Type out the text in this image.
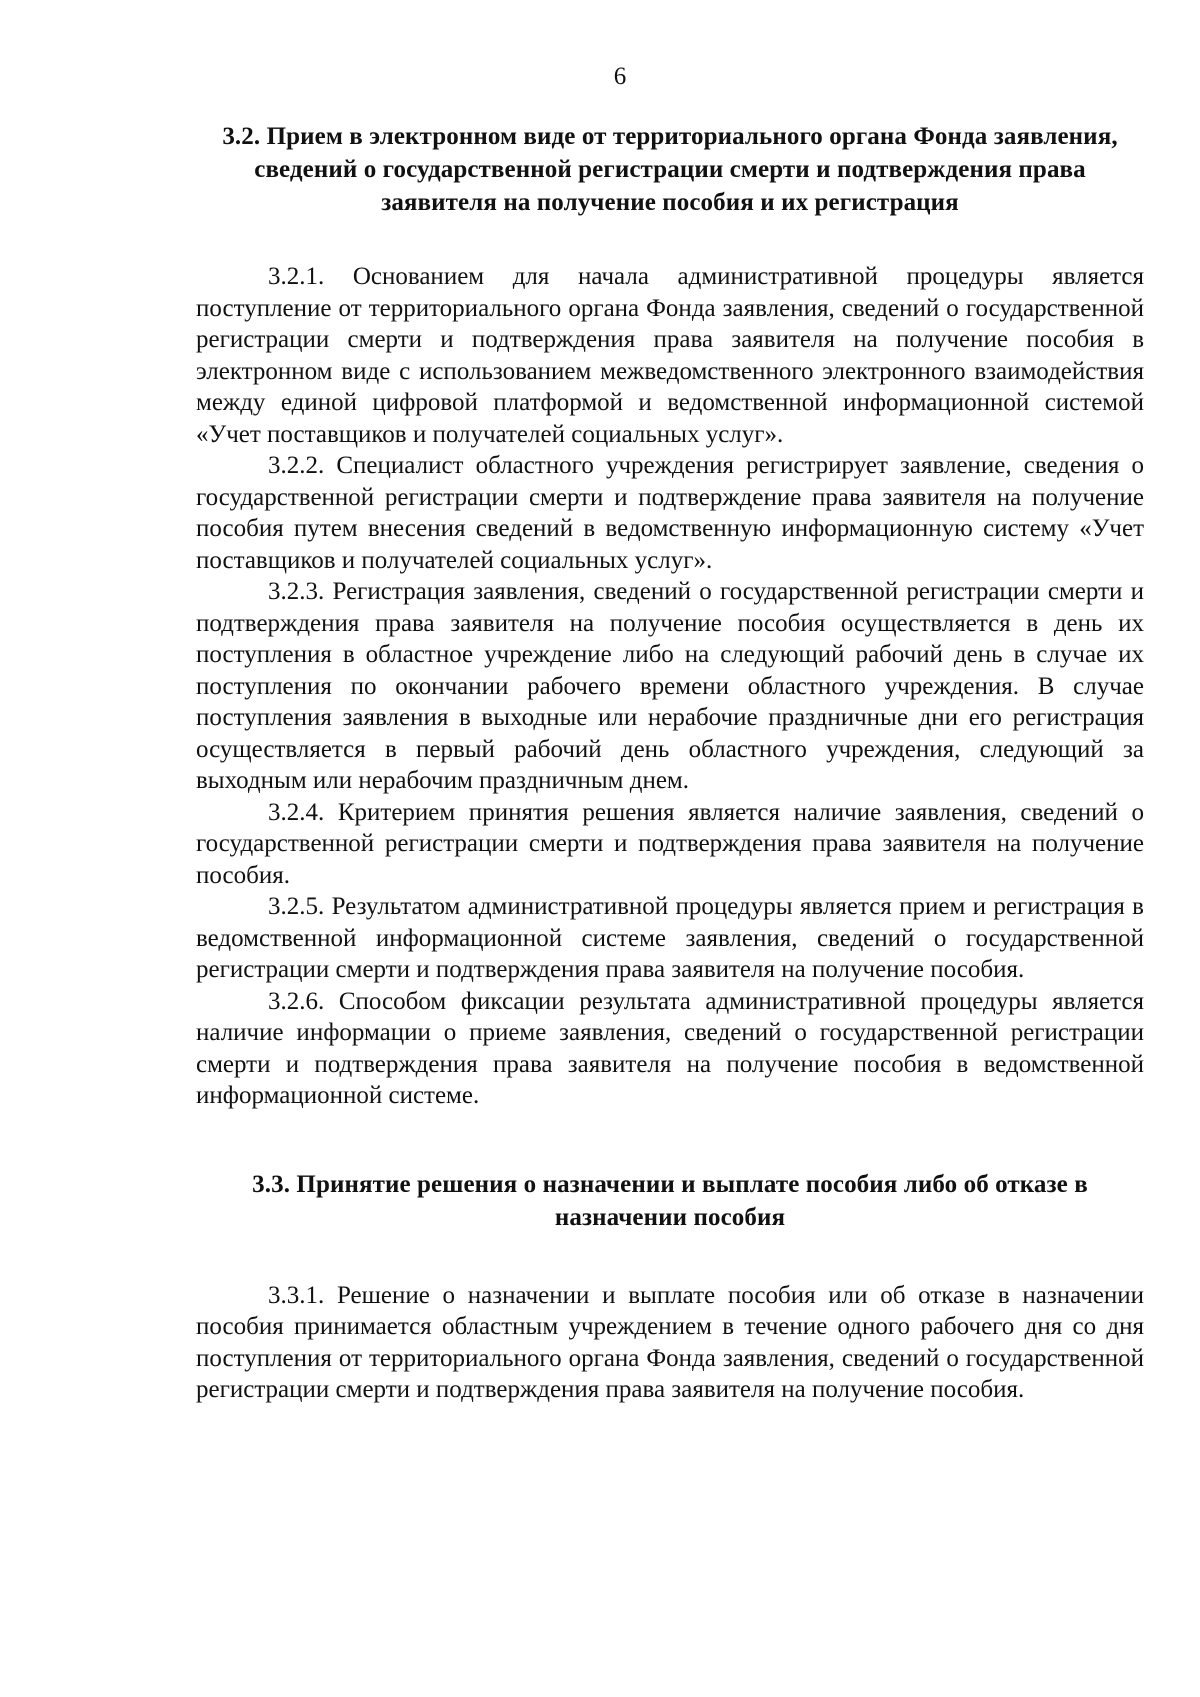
6
3.2. Прием в электронном виде от территориального органа Фонда заявления, сведений о государственной регистрации смерти и подтверждения права заявителя на получение пособия и их регистрация

3.2.1. Основанием для начала административной процедуры является поступление от территориального органа Фонда заявления, сведений о государственной регистрации смерти и подтверждения права заявителя на получение пособия в электронном виде с использованием межведомственного электронного взаимодействия между единой цифровой платформой и ведомственной информационной системой «Учет поставщиков и получателей социальных услуг».

3.2.2. Специалист областного учреждения регистрирует заявление, сведения о государственной регистрации смерти и подтверждение права заявителя на получение пособия путем внесения сведений в ведомственную информационную систему «Учет поставщиков и получателей социальных услуг».

3.2.3. Регистрация заявления, сведений о государственной регистрации смерти и подтверждения права заявителя на получение пособия осуществляется в день их поступления в областное учреждение либо на следующий рабочий день в случае их поступления по окончании рабочего времени областного учреждения. В случае поступления заявления в выходные или нерабочие праздничные дни его регистрация осуществляется в первый рабочий день областного учреждения, следующий за выходным или нерабочим праздничным днем.

3.2.4. Критерием принятия решения является наличие заявления, сведений о государственной регистрации смерти и подтверждения права заявителя на получение пособия.

3.2.5. Результатом административной процедуры является прием и регистрация в ведомственной информационной системе заявления, сведений о государственной регистрации смерти и подтверждения права заявителя на получение пособия.

3.2.6. Способом фиксации результата административной процедуры является наличие информации о приеме заявления, сведений о государственной регистрации смерти и подтверждения права заявителя на получение пособия в ведомственной информационной системе.

3.3. Принятие решения о назначении и выплате пособия либо об отказе в назначении пособия

3.3.1. Решение о назначении и выплате пособия или об отказе в назначении пособия принимается областным учреждением в течение одного рабочего дня со дня поступления от территориального органа Фонда заявления, сведений о государственной регистрации смерти и подтверждения права заявителя на получение пособия.
